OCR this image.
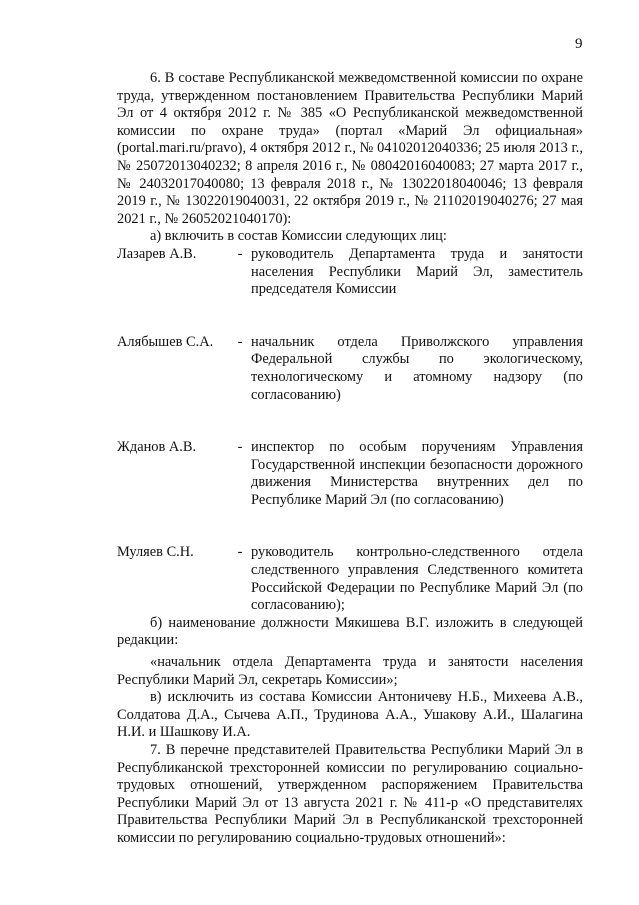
9

6. В составе Республиканской межведомственной комиссии по охране труда, утвержденном постановлением Правительства Республики Марий Эл от 4 октября 2012 г. № 385 «О Республиканской межведомственной комиссии по охране труда» (портал «Марий Эл официальная» (portal.mari.ru/pravo), 4 октября 2012 г., № 04102012040336; 25 июля 2013 г., № 25072013040232; 8 апреля 2016 г., № 08042016040083; 27 марта 2017 г., № 24032017040080; 13 февраля 2018 г., № 13022018040046; 13 февраля 2019 г., № 13022019040031, 22 октября 2019 г., № 21102019040276; 27 мая 2021 г., № 26052021040170):

а) включить в состав Комиссии следующих лиц:

Лазарев А.В.	- руководитель Департамента труда и занятости населения Республики Марий Эл, заместитель председателя Комиссии
Алябышев С.А.	- начальник отдела Приволжского управления Федеральной службы по экологическому, технологическому и атомному надзору (по согласованию)
Жданов А.В.	- инспектор по особым поручениям Управления Государственной инспекции безопасности дорожного движения Министерства внутренних дел по Республике Марий Эл (по согласованию)
Муляев С.Н.	- руководитель контрольно-следственного отдела следственного управления Следственного комитета Российской Федерации по Республике Марий Эл (по согласованию);

б) наименование должности Мякишева В.Г. изложить в следующей редакции:

«начальник отдела Департамента труда и занятости населения Республики Марий Эл, секретарь Комиссии»;

в) исключить из состава Комиссии Антоничеву Н.Б., Михеева А.В., Солдатова Д.А., Сычева А.П., Трудинова А.А., Ушакову А.И., Шалагина Н.И. и Шашкову И.А.

7. В перечне представителей Правительства Республики Марий Эл в Республиканской трехсторонней комиссии по регулированию социально-трудовых отношений, утвержденном распоряжением Правительства Республики Марий Эл от 13 августа 2021 г. № 411-р «О представителях Правительства Республики Марий Эл в Республиканской трехсторонней комиссии по регулированию социально-трудовых отношений»:
